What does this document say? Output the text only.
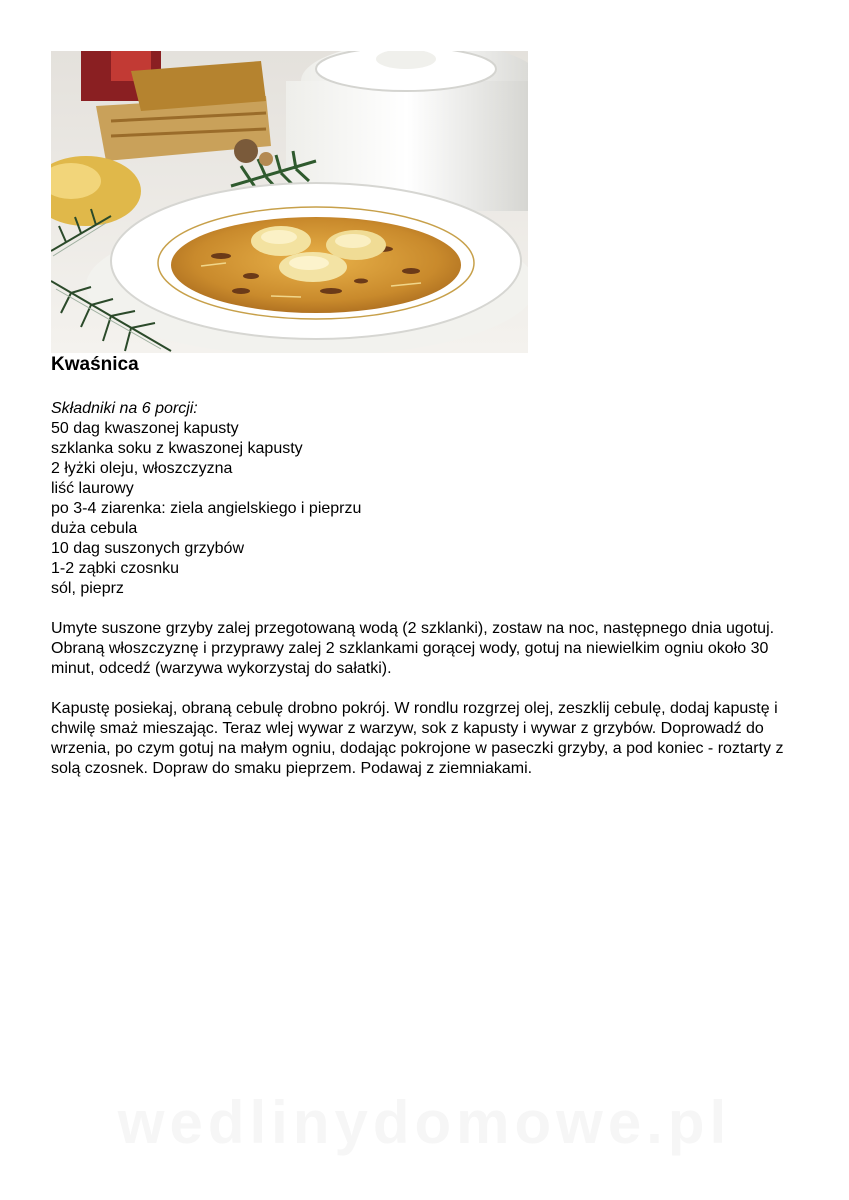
Kwaśnica

Składniki na 6 porcji:

50 dag kwaszonej kapusty
szklanka soku z kwaszonej kapusty
2 łyżki oleju, włoszczyzna
liść laurowy
po 3-4 ziarenka: ziela angielskiego i pieprzu
duża cebula
10 dag suszonych grzybów
1-2 ząbki czosnku
sól, pieprz

Umyte suszone grzyby zalej przegotowaną wodą (2 szklanki), zostaw na noc, następnego dnia ugotuj. Obraną włoszczyznę i przyprawy zalej 2 szklankami gorącej wody, gotuj na niewielkim ogniu około 30 minut, odcedź (warzywa wykorzystaj do sałatki).

Kapustę posiekaj, obraną cebulę drobno pokrój. W rondlu rozgrzej olej, zeszklij cebulę, dodaj kapustę i chwilę smaż mieszając. Teraz wlej wywar z warzyw, sok z kapusty i wywar z grzybów. Doprowadź do wrzenia, po czym gotuj na małym ogniu, dodając pokrojone w paseczki grzyby, a pod koniec - roztarty z solą czosnek. Dopraw do smaku pieprzem. Podawaj z ziemniakami.

wedlinydomowe.pl
